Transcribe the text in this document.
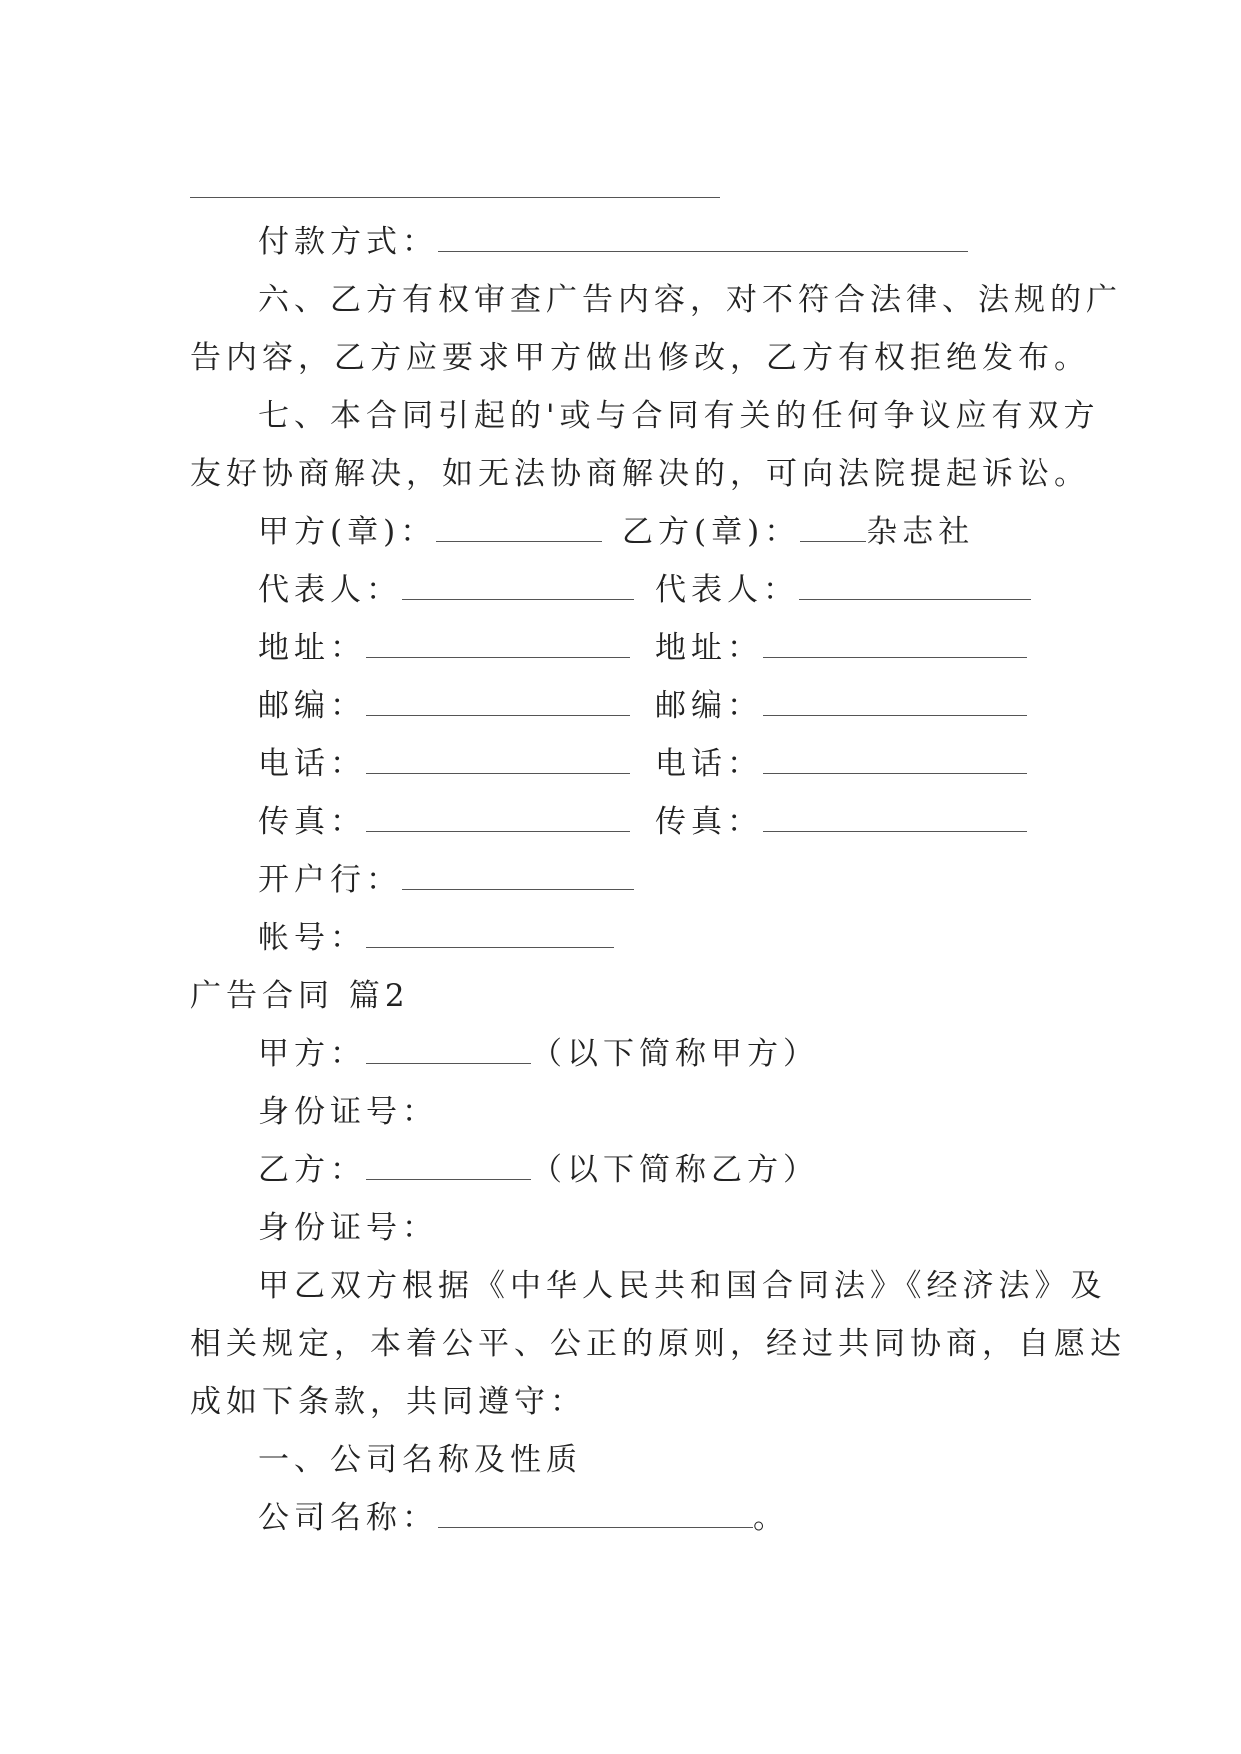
付款方式：
六、乙方有权审查广告内容，对不符合法律、法规的广
告内容，乙方应要求甲方做出修改，乙方有权拒绝发布。
七、本合同引起的'或与合同有关的任何争议应有双方
友好协商解决，如无法协商解决的，可向法院提起诉讼。
甲方(章)：	乙方(章)： 杂志社
代表人：	代表人：
地址：	地址：
邮编：	邮编：
电话：	电话：
传真：	传真：
开户行：
帐号：
广告合同 篇2
甲方：	（以下简称甲方）
身份证号：
乙方：	（以下简称乙方）
身份证号：
甲乙双方根据《中华人民共和国合同法》《经济法》及
相关规定，本着公平、公正的原则，经过共同协商，自愿达
成如下条款，共同遵守：
一、公司名称及性质
公司名称：	。
